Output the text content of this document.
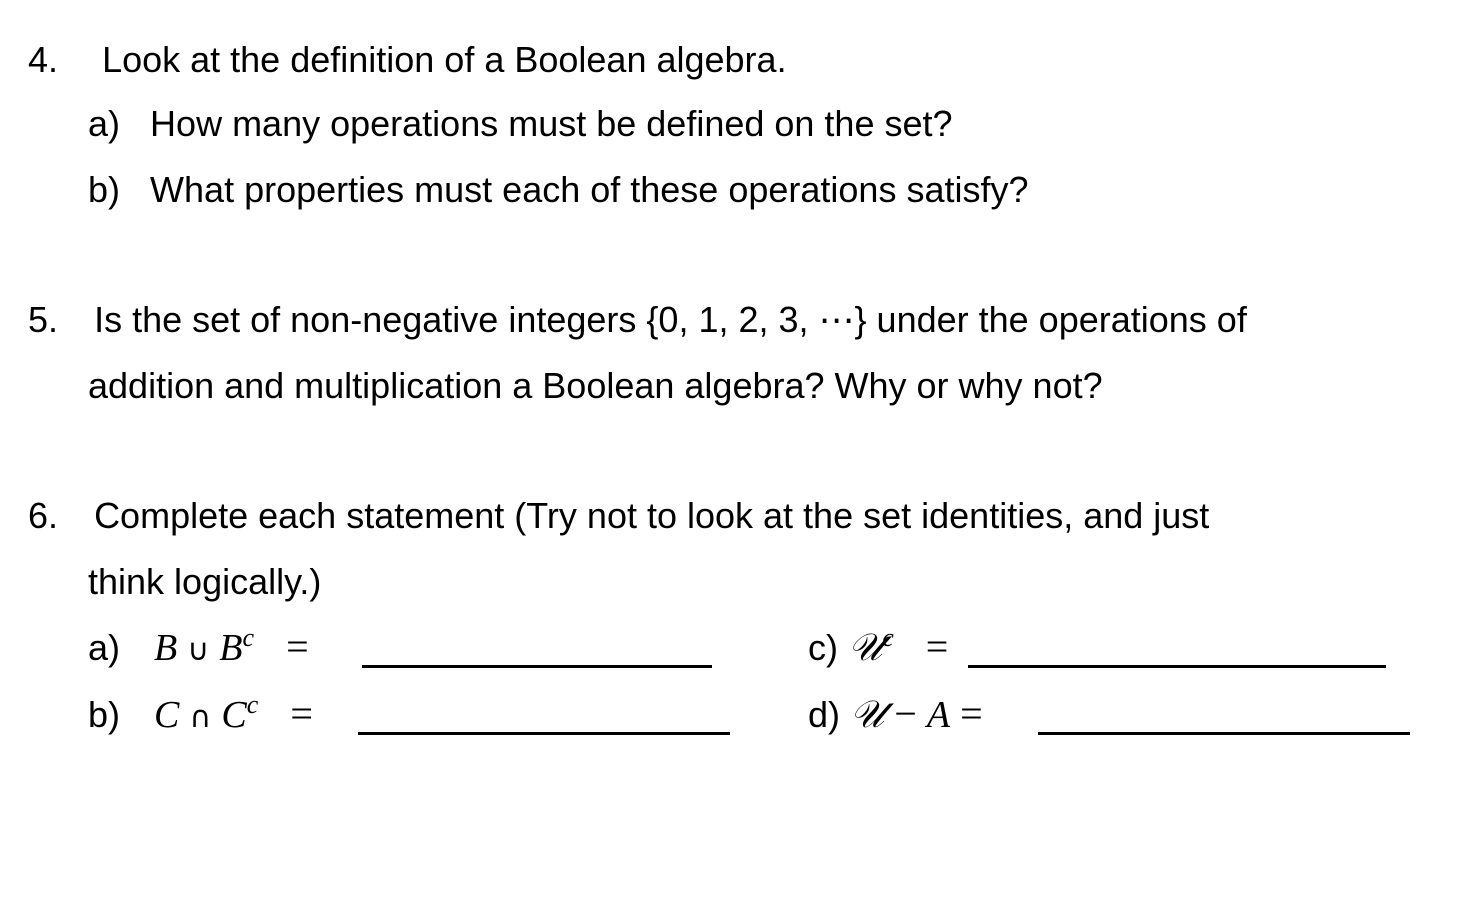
4. Look at the definition of a Boolean algebra.
a) How many operations must be defined on the set?
b) What properties must each of these operations satisfy?
5. Is the set of non-negative integers {0, 1, 2, 3, ⋯} under the operations of
addition and multiplication a Boolean algebra? Why or why not?
6. Complete each statement (Try not to look at the set identities, and just
think logically.)
a) B ∪ $B^c$ =
b) C ∩ $C^c$ =
c) 𝒰$^c$ =
d) 𝒰 − A =
